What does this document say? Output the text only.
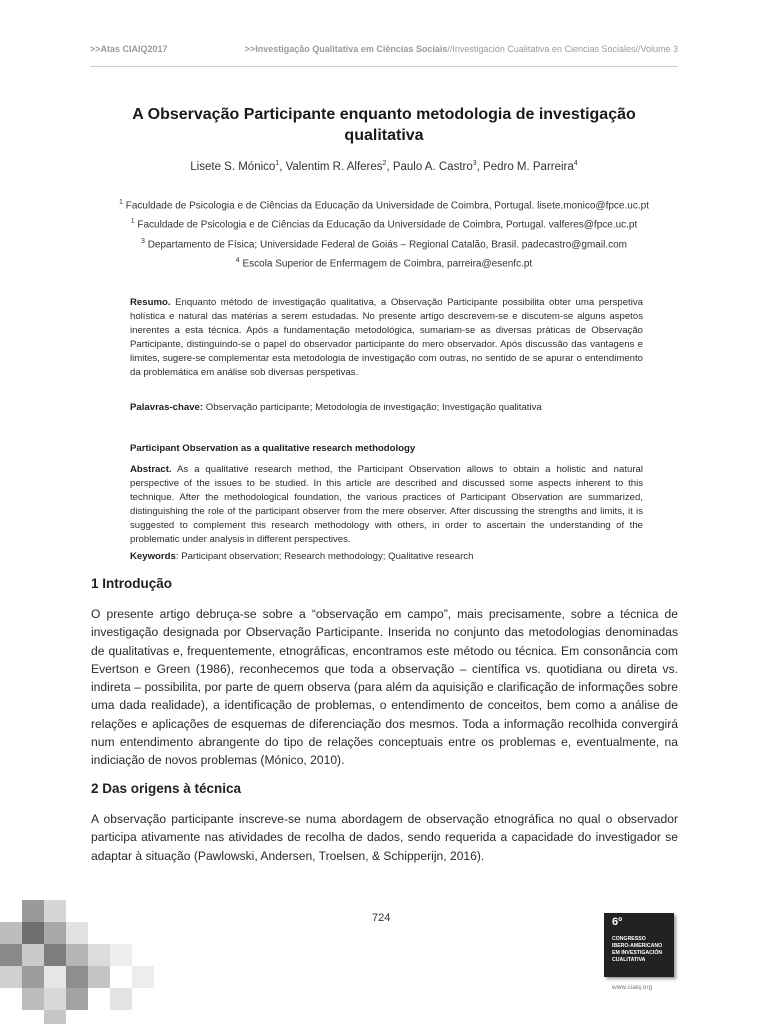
>>Atas CIAIQ2017	>>Investigação Qualitativa em Ciências Sociais//Investigación Cualitativa en Ciencias Sociales//Volume 3
A Observação Participante enquanto metodologia de investigação qualitativa
Lisete S. Mónico$^1$, Valentim R. Alferes$^2$, Paulo A. Castro$^3$, Pedro M. Parreira$^4$
$^1$ Faculdade de Psicologia e de Ciências da Educação da Universidade de Coimbra, Portugal. lisete.monico@fpce.uc.pt
$^1$ Faculdade de Psicologia e de Ciências da Educação da Universidade de Coimbra, Portugal. valferes@fpce.uc.pt
$^3$ Departamento de Física; Universidade Federal de Goiás – Regional Catalão, Brasil. padecastro@gmail.com
$^4$ Escola Superior de Enfermagem de Coimbra, parreira@esenfc.pt
Resumo. Enquanto método de investigação qualitativa, a Observação Participante possibilita obter uma perspetiva holística e natural das matérias a serem estudadas. No presente artigo descrevem-se e discutem-se alguns aspetos inerentes a esta técnica. Após a fundamentação metodológica, sumariam-se as diversas práticas de Observação Participante, distinguindo-se o papel do observador participante do mero observador. Após discussão das vantagens e limites, sugere-se complementar esta metodologia de investigação com outras, no sentido de se apurar o entendimento da problemática em análise sob diversas perspetivas.
Palavras-chave: Observação participante; Metodologia de investigação; Investigação qualitativa
Participant Observation as a qualitative research methodology
Abstract. As a qualitative research method, the Participant Observation allows to obtain a holistic and natural perspective of the issues to be studied. In this article are described and discussed some aspects inherent to this technique. After the methodological foundation, the various practices of Participant Observation are summarized, distinguishing the role of the participant observer from the mere observer. After discussing the strengths and limits, it is suggested to complement this research methodology with others, in order to ascertain the understanding of the problematic under analysis in different perspectives.
Keywords: Participant observation; Research methodology; Qualitative research
1 Introdução
O presente artigo debruça-se sobre a “observação em campo”, mais precisamente, sobre a técnica de investigação designada por Observação Participante. Inserida no conjunto das metodologias denominadas de qualitativas e, frequentemente, etnográficas, encontramos este método ou técnica. Em consonância com Evertson e Green (1986), reconhecemos que toda a observação – científica vs. quotidiana ou direta vs. indireta – possibilita, por parte de quem observa (para além da aquisição e clarificação de informações sobre uma dada realidade), a identificação de problemas, o entendimento de conceitos, bem como a análise de relações e aplicações de esquemas de diferenciação dos mesmos. Toda a informação recolhida convergirá num entendimento abrangente do tipo de relações conceptuais entre os problemas e, eventualmente, na indiciação de novos problemas (Mónico, 2010).
2 Das origens à técnica
A observação participante inscreve-se numa abordagem de observação etnográfica no qual o observador participa ativamente nas atividades de recolha de dados, sendo requerida a capacidade do investigador se adaptar à situação (Pawlowski, Andersen, Troelsen, & Schipperijn, 2016).
724	6º
CONGRESSO
IBERO-AMERICANO
EM INVESTIGACIÓN
CUALITATIVA
www.ciaiq.org
